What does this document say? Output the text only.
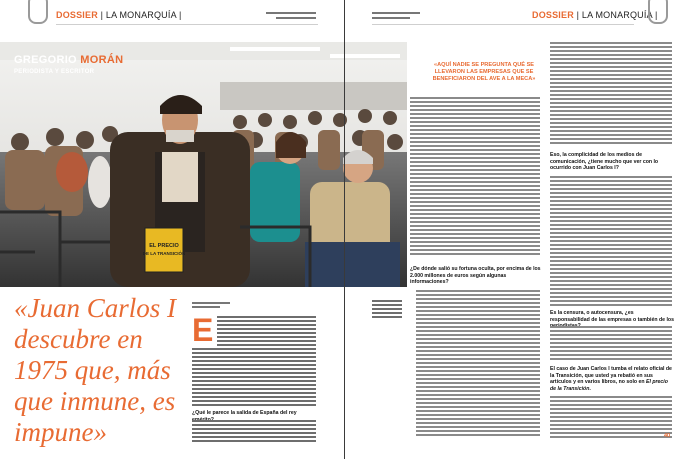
DOSSIER | LA MONARQUÍA |
EL PRECIO
DE LA TRANSICIÓN
GREGORIO MORÁN
PERIODISTA Y ESCRITOR
«Juan Carlos I descubre en 1975 que, más que inmune, es impune»
E
¿Qué le parece la salida de España del rey
DOSSIER | LA MONARQUÍA |
«AQUÍ NADIE SE PREGUNTA QUÉ SE LLEVARON LAS EMPRESAS QUE SE BENEFICIARON DEL AVE A LA MECA»
¿De dónde salió su fortuna oculta, por encima de los 2.000 millones de euros según algunas informaciones?
Eso, la complicidad de los medios de comunicación, ¿tiene mucho que ver con lo ocurrido con Juan Carlos I?
Es la censura, o autocensura, ¿es responsabilidad de las empresas o también de los
El caso de Juan Carlos I tumba el relato oficial de la Transición, que usted ya rebatió en sus artículos y en varios libros, no solo en El precio de la Transición.
40
